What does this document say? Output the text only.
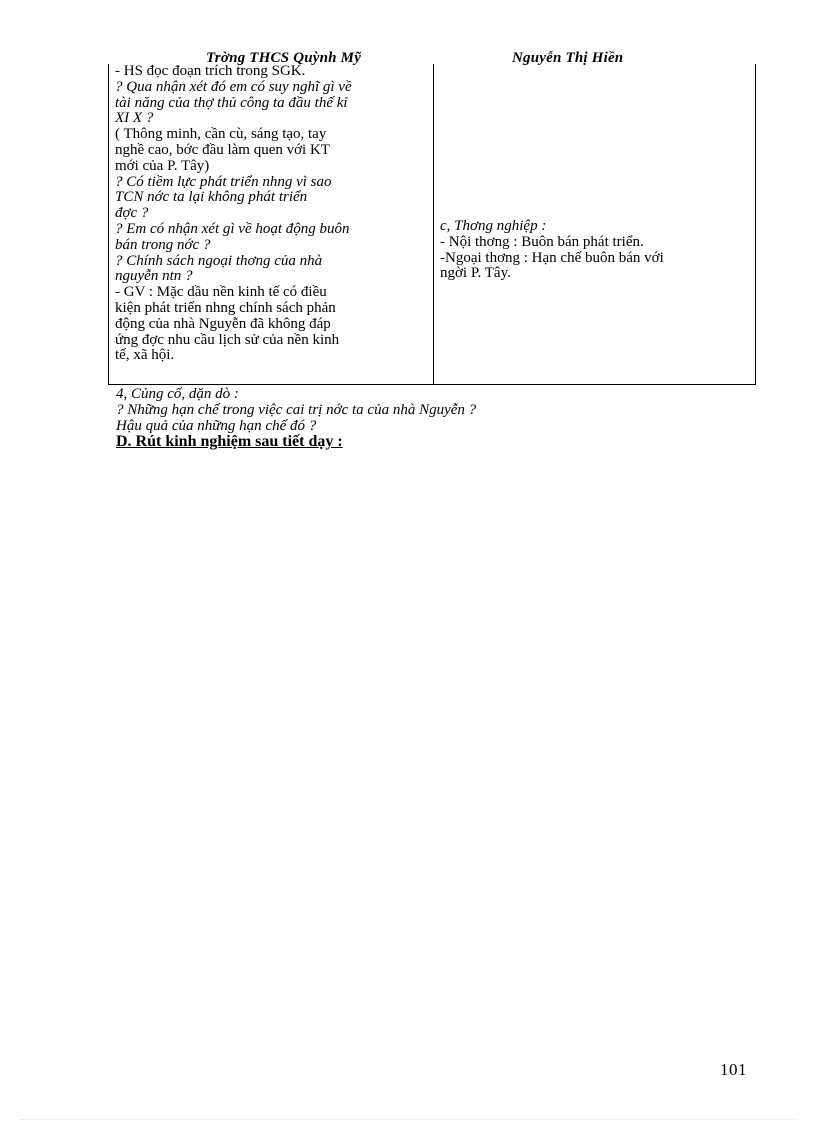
Trờng THCS Quỳnh Mỹ	Nguyễn Thị Hiền

- HS đọc đoạn trích trong SGK.

? Qua nhận xét đó em có suy nghĩ gì về

tài năng của thợ thủ công ta đầu thế kỉ

XI X ?

( Thông minh, cần cù, sáng tạo, tay

nghề cao, bớc đầu làm quen với KT

mới của P. Tây)

? Có tiềm lực phát triển nhng vì sao

TCN nớc ta lại không phát triển

đợc ?

? Em có nhận xét gì về hoạt động buôn

bán trong nớc ?

? Chính sách ngoại thơng của nhà

nguyễn ntn ?

- GV : Mặc dầu nền kinh tế có điều

kiện phát triển nhng chính sách phản

động của nhà Nguyễn đã không đáp

ứng đợc nhu cầu lịch sử của nền kinh

tế, xã hội.

c, Thơng nghiệp :

- Nội thơng : Buôn bán phát triển.

-Ngoại thơng : Hạn chế buôn bán với

ngời P. Tây.

4, Củng cố, dặn dò :

? Những hạn chế trong việc cai trị nớc ta của nhà Nguyễn ?

Hậu quả của những hạn chế đó ?

D. Rút kinh nghiệm sau tiết dạy :

101
